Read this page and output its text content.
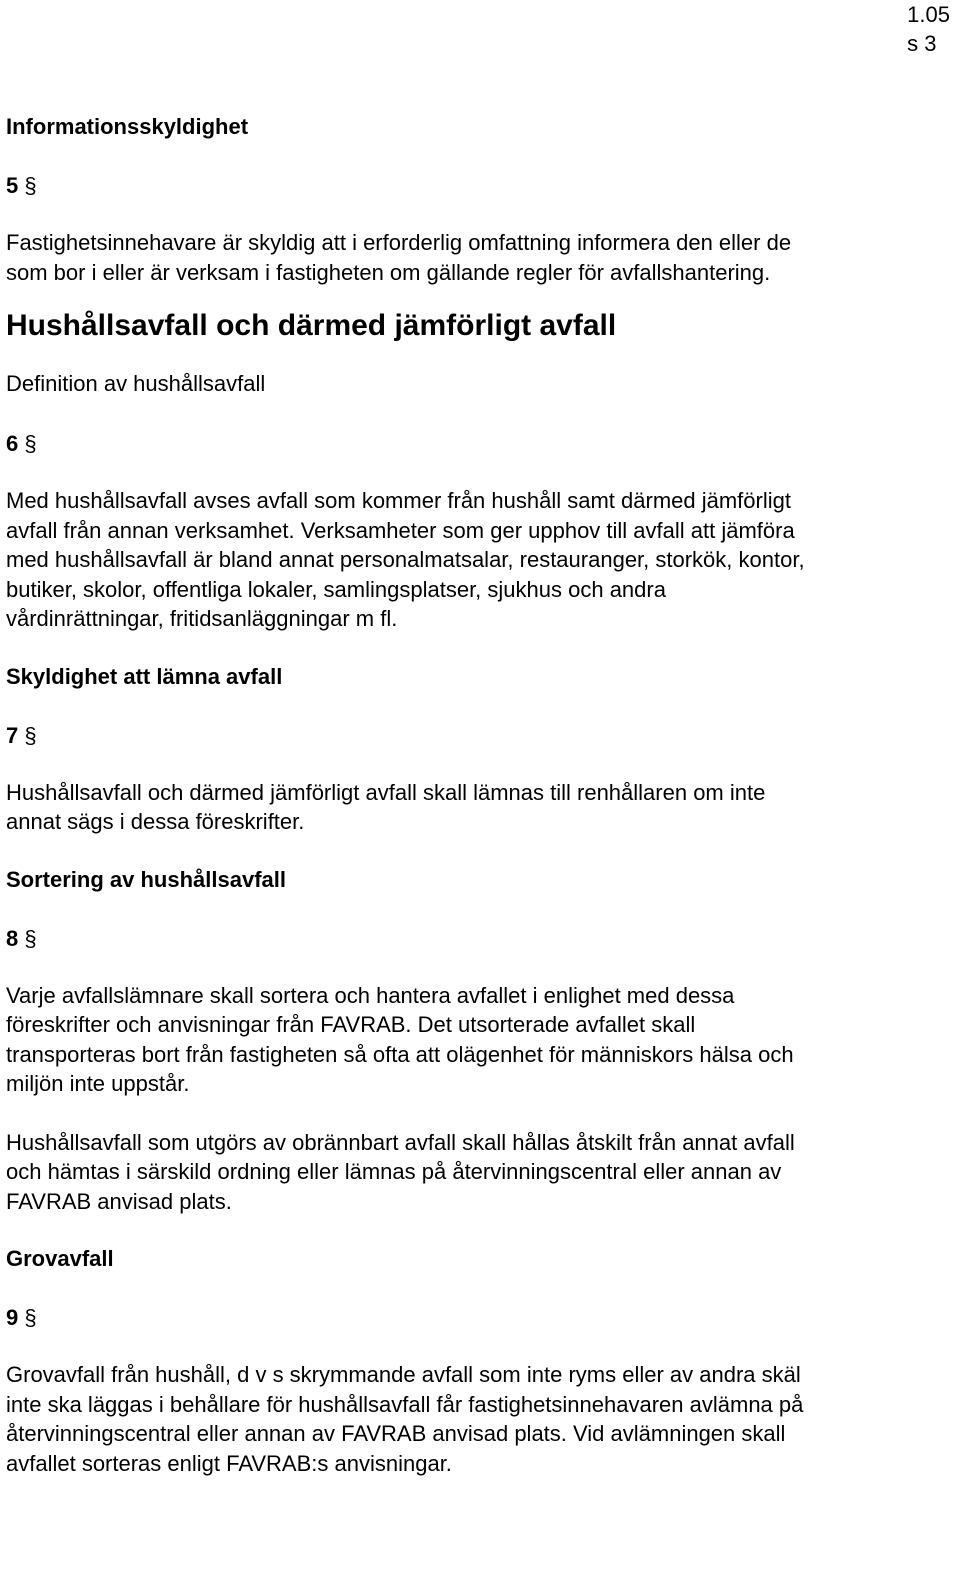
1.05
s 3
Informationsskyldighet
5 §

Fastighetsinnehavare är skyldig att i erforderlig omfattning informera den eller de som bor i eller är verksam i fastigheten om gällande regler för avfallshantering.

Hushållsavfall och därmed jämförligt avfall
Definition av hushållsavfall
6 §

Med hushållsavfall avses avfall som kommer från hushåll samt därmed jämförligt avfall från annan verksamhet. Verksamheter som ger upphov till avfall att jämföra med hushållsavfall är bland annat personalmatsalar, restauranger, storkök, kontor, butiker, skolor, offentliga lokaler, samlingsplatser, sjukhus och andra vårdinrättningar, fritidsanläggningar m fl.

Skyldighet att lämna avfall
7 §

Hushållsavfall och därmed jämförligt avfall skall lämnas till renhållaren om inte annat sägs i dessa föreskrifter.

Sortering av hushållsavfall
8 §

Varje avfallslämnare skall sortera och hantera avfallet i enlighet med dessa föreskrifter och anvisningar från FAVRAB. Det utsorterade avfallet skall transporteras bort från fastigheten så ofta att olägenhet för människors hälsa och miljön inte uppstår.

Hushållsavfall som utgörs av obrännbart avfall skall hållas åtskilt från annat avfall och hämtas i särskild ordning eller lämnas på återvinningscentral eller annan av FAVRAB anvisad plats.

Grovavfall
9 §

Grovavfall från hushåll, d v s skrymmande avfall som inte ryms eller av andra skäl inte ska läggas i behållare för hushållsavfall får fastighetsinnehavaren avlämna på återvinningscentral eller annan av FAVRAB anvisad plats. Vid avlämningen skall avfallet sorteras enligt FAVRAB:s anvisningar.
